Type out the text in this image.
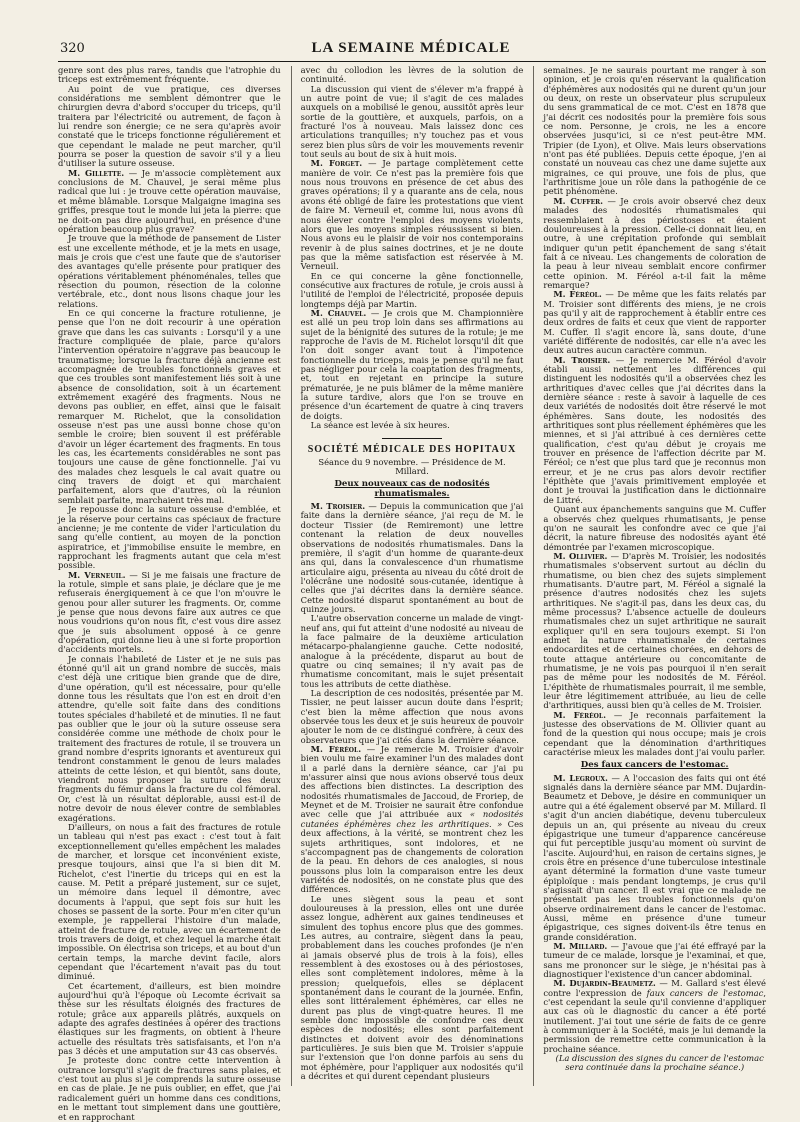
320	LA SEMAINE MÉDICALE

genre sont des plus rares, tandis que l'atrophie du triceps est extrêmement fréquente.

Au point de vue pratique, ces diverses considérations me semblent démontrer que le chirurgien devra d'abord s'occuper du triceps, qu'il traitera par l'électricité ou autrement, de façon à lui rendre son énergie; ce ne sera qu'après avoir constaté que le triceps fonctionne régulièrement et que cependant le malade ne peut marcher, qu'il pourra se poser la question de savoir s'il y a lieu d'utiliser la suture osseuse.

M. Gillette. — Je m'associe complètement aux conclusions de M. Chauvel, je serai même plus radical que lui : je trouve cette opération mauvaise, et même blâmable. Lorsque Malgaigne imagina ses griffes, presque tout le monde lui jeta la pierre: que ne doit-on pas dire aujourd'hui, en présence d'une opération beaucoup plus grave?

Je trouve que la méthode de pansement de Lister est une excellente méthode, et je la mets en usage, mais je crois que c'est une faute que de s'autoriser des avantages qu'elle présente pour pratiquer des opérations véritablement phénoménales, telles que résection du poumon, résection de la colonne vertébrale, etc., dont nous lisons chaque jour les relations.

En ce qui concerne la fracture rotulienne, je pense que l'on ne doit recourir à une opération grave que dans les cas suivants : Lorsqu'il y a une fracture compliquée de plaie, parce qu'alors l'intervention opératoire n'aggrave pas beaucoup le traumatisme; lorsque la fracture déjà ancienne est accompagnée de troubles fonctionnels graves et que ces troubles sont manifestement liés soit à une absence de consolidation, soit à un écartement extrêmement exagéré des fragments. Nous ne devons pas oublier, en effet, ainsi que le faisait remarquer M. Richelot, que la consolidation osseuse n'est pas une aussi bonne chose qu'on semble le croire; bien souvent il est préférable d'avoir un léger écartement des fragments. En tous les cas, les écartements considérables ne sont pas toujours une cause de gêne fonctionnelle. J'ai vu des malades chez lesquels le cal avait quatre ou cinq travers de doigt et qui marchaient parfaitement, alors que d'autres, où la réunion semblait parfaite, marchaient très mal.

Je repousse donc la suture osseuse d'emblée, et je la réserve pour certains cas spéciaux de fracture ancienne; je me contente de vider l'articulation du sang qu'elle contient, au moyen de la ponction aspiratrice, et j'immobilise ensuite le membre, en rapprochant les fragments autant que cela m'est possible.

M. Verneuil. — Si je me faisais une fracture de la rotule, simple et sans plaie, je déclare que je me refuserais énergiquement à ce que l'on m'ouvre le genou pour aller suturer les fragments. Or, comme je pense que nous devons faire aux autres ce que nous voudrions qu'on nous fît, c'est vous dire assez que je suis absolument opposé à ce genre d'opération, qui donne lieu à une si forte proportion d'accidents mortels.

Je connais l'habileté de Lister et je ne suis pas étonné qu'il ait un grand nombre de succès, mais c'est déjà une critique bien grande que de dire, d'une opération, qu'il est nécessaire, pour qu'elle donne tous les résultats que l'on est en droit d'en attendre, qu'elle soit faite dans des conditions toutes spéciales d'habileté et de minuties. Il ne faut pas oublier que le jour où la suture osseuse sera considérée comme une méthode de choix pour le traitement des fractures de rotule, il se trouvera un grand nombre d'esprits ignorants et aventureux qui tendront constamment le genou de leurs malades atteints de cette lésion, et qui bientôt, sans doute, viendront nous proposer la suture des deux fragments du fémur dans la fracture du col fémoral. Or, c'est là un résultat déplorable, aussi est-il de notre devoir de nous élever contre de semblables exagérations.

D'ailleurs, on nous a fait des fractures de rotule un tableau qui n'est pas exact : c'est tout à fait exceptionnellement qu'elles empêchent les malades de marcher, et lorsque cet inconvénient existe, presque toujours, ainsi que l'a si bien dit M. Richelot, c'est l'inertie du triceps qui en est la cause. M. Petit a préparé justement, sur ce sujet, un mémoire dans lequel il démontre, avec documents à l'appui, que sept fois sur huit les choses se passent de la sorte. Pour m'en citer qu'un exemple, je rappellerai l'histoire d'un malade, atteint de fracture de rotule, avec un écartement de trois travers de doigt, et chez lequel la marche était impossible. On électrisa son triceps, et au bout d'un certain temps, la marche devint facile, alors cependant que l'écartement n'avait pas du tout diminué.

Cet écartement, d'ailleurs, est bien moindre aujourd'hui qu'à l'époque où Lecomte écrivait sa thèse sur les résultats éloignés des fractures de rotule; grâce aux appareils plâtrés, auxquels on adapte des agrafes destinées à opérer des tractions élastiques sur les fragments, on obtient à l'heure actuelle des résultats très satisfaisants, et l'on n'a pas 3 décès et une amputation sur 43 cas observés.

Je proteste donc contre cette intervention à outrance lorsqu'il s'agit de fractures sans plaies, et c'est tout au plus si je comprends la suture osseuse en cas de plaie. Je ne puis oublier, en effet, que j'ai radicalement guéri un homme dans ces conditions, en le mettant tout simplement dans une gouttière, et en rapprochant

avec du collodion les lèvres de la solution de continuité.

La discussion qui vient de s'élever m'a frappé à un autre point de vue; il s'agit de ces malades auxquels on a mobilisé le genou, aussitôt après leur sortie de la gouttière, et auxquels, parfois, on a fracturé l'os à nouveau. Mais laissez donc ces articulations tranquilles; n'y touchez pas et vous serez bien plus sûrs de voir les mouvements revenir tout seuls au bout de six à huit mois.

M. Forget. — Je partage complètement cette manière de voir. Ce n'est pas la première fois que nous nous trouvons en présence de cet abus des graves opérations; il y a quarante ans de cela, nous avons été obligé de faire les protestations que vient de faire M. Verneuil et, comme lui, nous avons dû nous élever contre l'emploi des moyens violents, alors que les moyens simples réussissent si bien. Nous avons eu le plaisir de voir nos contemporains revenir à de plus saines doctrines, et je ne doute pas que la même satisfaction est réservée à M. Verneuil.

En ce qui concerne la gêne fonctionnelle, consécutive aux fractures de rotule, je crois aussi à l'utilité de l'emploi de l'électricité, proposée depuis longtemps déjà par Martin.

M. Chauvel. — Je crois que M. Championnière est allé un peu trop loin dans ses affirmations au sujet de la bénignité des sutures de la rotule; je me rapproche de l'avis de M. Richelot lorsqu'il dit que l'on doit songer avant tout à l'impotence fonctionnelle du triceps, mais je pense qu'il ne faut pas négliger pour cela la coaptation des fragments, et, tout en rejetant en principe la suture prématurée, je ne puis blâmer de la même manière la suture tardive, alors que l'on se trouve en présence d'un écartement de quatre à cinq travers de doigts.

La séance est levée à six heures.

SOCIÉTÉ MÉDICALE DES HOPITAUX
Séance du 9 novembre. — Présidence de M. Millard.
Deux nouveaux cas de nodosités rhumatismales.

M. Troisier. — Depuis la communication que j'ai faite dans la dernière séance, j'ai reçu de M. le docteur Tissier (de Remiremont) une lettre contenant la relation de deux nouvelles observations de nodosités rhumatismales. Dans la première, il s'agit d'un homme de quarante-deux ans qui, dans la convalescence d'un rhumatisme articulaire aigu, présenta au niveau du côté droit de l'olécrâne une nodosité sous-cutanée, identique à celles que j'ai décrites dans la dernière séance. Cette nodosité disparut spontanément au bout de quinze jours.

L'autre observation concerne un malade de vingt-neuf ans, qui fut atteint d'une nodosité au niveau de la face palmaire de la deuxième articulation métacarpo-phalangienne gauche. Cette nodosité, analogue à la précédente, disparut au bout de quatre ou cinq semaines; il n'y avait pas de rhumatisme concomitant, mais le sujet présentait tous les attributs de cette diathèse.

La description de ces nodosités, présentée par M. Tissier, ne peut laisser aucun doute dans l'esprit; c'est bien la même affection que nous avons observée tous les deux et je suis heureux de pouvoir ajouter le nom de ce distingué confrère, à ceux des observateurs que j'ai cités dans la dernière séance.

M. Féréol. — Je remercie M. Troisier d'avoir bien voulu me faire examiner l'un des malades dont il a parlé dans la dernière séance, car j'ai pu m'assurer ainsi que nous avions observé tous deux des affections bien distinctes. La description des nodosités rhumatismales de Jaccoud, de Froriep, de Meynet et de M. Troisier ne saurait être confondue avec celle que j'ai attribuée aux « nodosités cutanées éphémères chez les arthritiques. » Ces deux affections, à la vérité, se montrent chez les sujets arthritiques, sont indolores, et ne s'accompagnent pas de changements de coloration de la peau. En dehors de ces analogies, si nous poussons plus loin la comparaison entre les deux variétés de nodosités, on ne constate plus que des différences.

Le unes siègent sous la peau et sont douloureuses à la pression, elles ont une durée assez longue, adhèrent aux gaines tendineuses et simulent des tophus encore plus que des gommes. Les autres, au contraire, siègent dans la peau, probablement dans les couches profondes (je n'en ai jamais observé plus de trois à la fois), elles ressemblent à des exostoses ou à des périostoses, elles sont complètement indolores, même à la pression; quelquefois, elles se déplacent spontanément dans le courant de la journée. Enfin, elles sont littéralement éphémères, car elles ne durent pas plus de vingt-quatre heures. Il me semble donc impossible de confondre ces deux espèces de nodosités; elles sont parfaitement distinctes et doivent avoir des dénominations particulières. Je suis bien que M. Troisier s'appuie sur l'extension que l'on donne parfois au sens du mot éphémère, pour l'appliquer aux nodosités qu'il a décrites et qui durent cependant plusieurs

semaines. Je ne saurais pourtant me ranger à son opinion, et je crois qu'en réservant la qualification d'éphémères aux nodosités qui ne durent qu'un jour ou deux, on reste un observateur plus scrupuleux du sens grammatical de ce mot. C'est en 1878 que j'ai décrit ces nodosités pour la première fois sous ce nom. Personne, je crois, ne les a encore observées jusqu'ici, si ce n'est peut-être MM. Tripier (de Lyon), et Olive. Mais leurs observations n'ont pas été publiées. Depuis cette époque, j'en ai constaté un nouveau cas chez une dame sujette aux migraines, ce qui prouve, une fois de plus, que l'arthritisme joue un rôle dans la pathogénie de ce petit phénomène.

M. Cuffer. — Je crois avoir observé chez deux malades des nodosités rhumatismales qui ressemblaient à des périostoses et étaient douloureuses à la pression. Celle-ci donnait lieu, en outre, à une crépitation profonde qui semblait indiquer qu'un petit épanchement de sang s'était fait à ce niveau. Les changements de coloration de la peau à leur niveau semblait encore confirmer cette opinion. M. Féréol a-t-il fait la même remarque?

M. Féréol. — De même que les faits relatés par M. Troisier sont différents des miens, je ne crois pas qu'il y ait de rapprochement à établir entre ces deux ordres de faits et ceux que vient de rapporter M. Cuffer. Il s'agit encore là, sans doute, d'une variété différente de nodosités, car elle n'a avec les deux autres aucun caractère commun.

M. Troisier. — Je remercie M. Féréol d'avoir établi aussi nettement les différences qui distinguent les nodosités qu'il a observées chez les arthritiques d'avec celles que j'ai décrites dans la dernière séance : reste à savoir à laquelle de ces deux variétés de nodosités doit être réservé le mot éphémères. Sans doute, les nodosités des arthritiques sont plus réellement éphémères que les miennes, et si j'ai attribué à ces dernières cette qualification, c'est qu'au début je croyais me trouver en présence de l'affection décrite par M. Féréol; ce n'est que plus tard que je reconnus mon erreur, et je ne crus pas alors devoir rectifier l'épithète que j'avais primitivement employée et dont je trouvai la justification dans le dictionnaire de Littré.

Quant aux épanchements sanguins que M. Cuffer a observés chez quelques rhumatisants, je pense qu'on ne saurait les confondre avec ce que j'ai décrit, la nature fibreuse des nodosités ayant été démontrée par l'examen microscopique.

M. Ollivier. — D'après M. Troisier, les nodosités rhumatismales s'observent surtout au déclin du rhumatisme, ou bien chez des sujets simplement rhumatisants. D'autre part, M. Féréol a signalé la présence d'autres nodosités chez les sujets arthritiques. Ne s'agit-il pas, dans les deux cas, du même processus? L'absence actuelle de douleurs rhumatismales chez un sujet arthritique ne saurait expliquer qu'il en sera toujours exempt. Si l'on admet la nature rhumatismale de certaines endocardites et de certaines chorées, en dehors de toute attaque antérieure ou concomitante de rhumatisme, je ne vois pas pourquoi il n'en serait pas de même pour les nodosités de M. Féréol. L'épithète de rhumatismales pourrait, il me semble, leur être légitimement attribuée, au lieu de celle d'arthritiques, aussi bien qu'à celles de M. Troisier.

M. Féréol. — Je reconnais parfaitement la justesse des observations de M. Ollivier quant au fond de la question qui nous occupe; mais je crois cependant que la dénomination d'arthritiques caractérise mieux les malades dont j'ai voulu parler.

Des faux cancers de l'estomac.

M. Legroux. — A l'occasion des faits qui ont été signalés dans la dernière séance par MM. Dujardin-Beaumetz et Debove, je désire en communiquer un autre qui a été également observé par M. Millard. Il s'agit d'un ancien diabétique, devenu tuberculeux depuis un an, qui présente au niveau du creux épigastrique une tumeur d'apparence cancéreuse qui fut perceptible jusqu'au moment où survint de l'ascite. Aujourd'hui, en raison de certains signes, je crois être en présence d'une tuberculose intestinale ayant déterminé la formation d'une vaste tumeur épiploïque : mais pendant longtemps, je crus qu'il s'agissait d'un cancer. Il est vrai que ce malade ne présentait pas les troubles fonctionnels qu'on observe ordinairement dans le cancer de l'estomac. Aussi, même en présence d'une tumeur épigastrique, ces signes doivent-ils être tenus en grande considération.

M. Millard. — J'avoue que j'ai été effrayé par la tumeur de ce malade, lorsque je l'examinai, et que, sans me prononcer sur le siège, je n'hésitai pas à diagnostiquer l'existence d'un cancer abdominal.

M. Dujardin-Beaumetz. — M. Gallard s'est élevé contre l'expression de faux cancers de l'estomac, c'est cependant la seule qu'il convienne d'appliquer aux cas où le diagnostic du cancer a été porté inutilement. J'ai tout une série de faits de ce genre à communiquer à la Société, mais je lui demande la permission de remettre cette communication à la prochaine séance.

(La discussion des signes du cancer de l'estomac sera continuée dans la prochaine séance.)
